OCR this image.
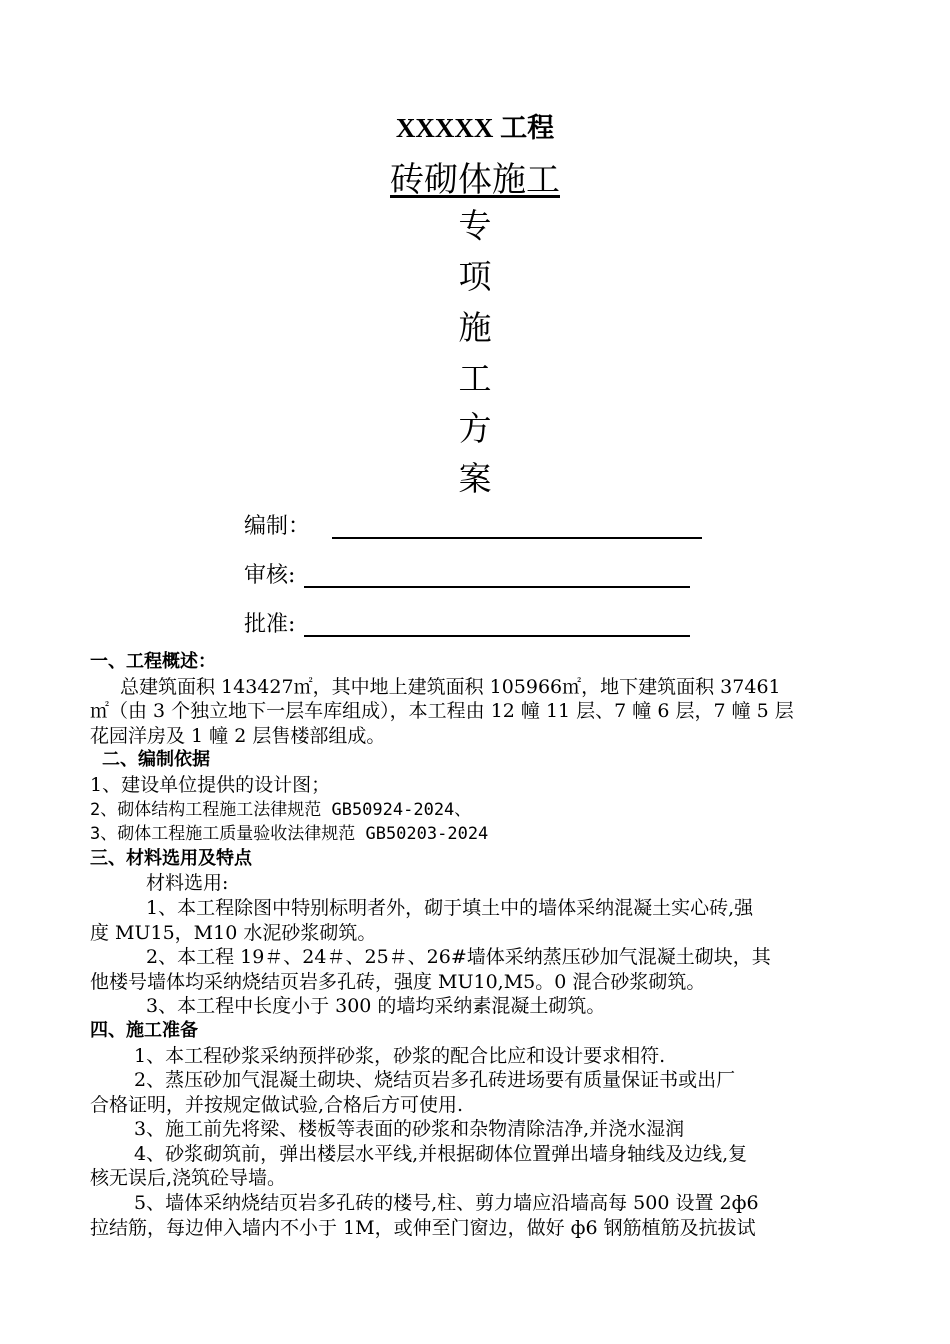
XXXXX 工程
砖砌体施工
专
项
施
工
方
案
编制：
审核:
批准:

一、工程概述：

总建筑面积 143427㎡，其中地上建筑面积 105966㎡，地下建筑面积 37461

㎡（由 3 个独立地下一层车库组成），本工程由 12 幢 11 层、7 幢 6 层，7 幢 5 层

花园洋房及 1 幢 2 层售楼部组成。

二、编制依据

1、建设单位提供的设计图；

2、砌体结构工程施工法律规范 GB50924-2024、

3、砌体工程施工质量验收法律规范 GB50203-2024

三、材料选用及特点

材料选用:

1、本工程除图中特别标明者外，砌于填土中的墙体采纳混凝土实心砖,强

度 MU15，M10 水泥砂浆砌筑。

2、本工程 19＃、24＃、25＃、26#墙体采纳蒸压砂加气混凝土砌块，其

他楼号墙体均采纳烧结页岩多孔砖，强度 MU10,M5。0 混合砂浆砌筑。

3、本工程中长度小于 300 的墙均采纳素混凝土砌筑。

四、施工准备

1、本工程砂浆采纳预拌砂浆，砂浆的配合比应和设计要求相符.

2、蒸压砂加气混凝土砌块、烧结页岩多孔砖进场要有质量保证书或出厂

合格证明，并按规定做试验,合格后方可使用.

3、施工前先将梁、楼板等表面的砂浆和杂物清除洁净,并浇水湿润

4、砂浆砌筑前，弹出楼层水平线,并根据砌体位置弹出墙身轴线及边线,复

核无误后,浇筑砼导墙。

5、墙体采纳烧结页岩多孔砖的楼号,柱、剪力墙应沿墙高每 500 设置 2ф6

拉结筋，每边伸入墙内不小于 1M，或伸至门窗边，做好 ф6 钢筋植筋及抗拔试
